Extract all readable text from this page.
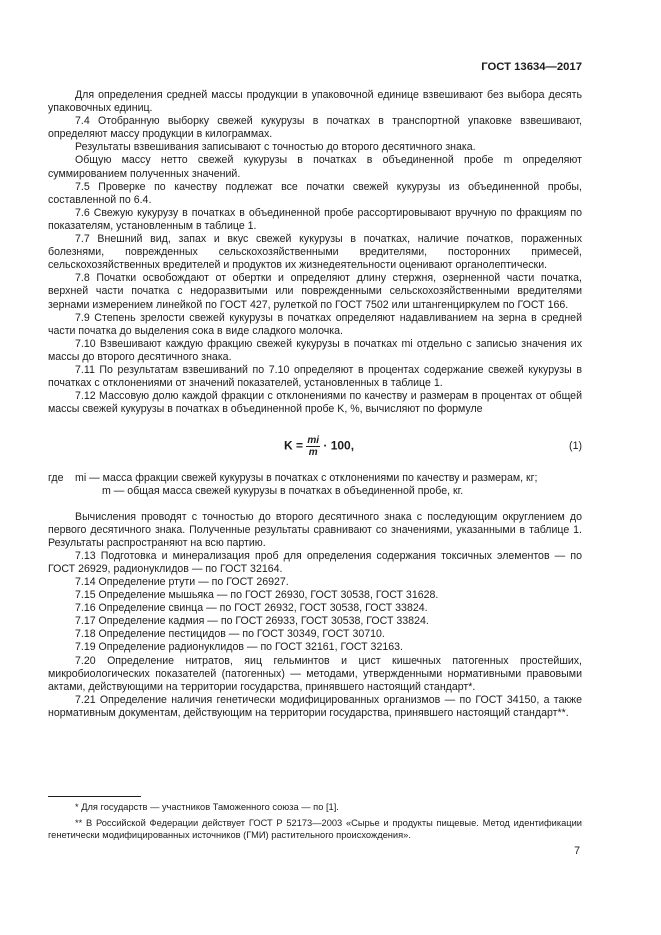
ГОСТ 13634—2017

Для определения средней массы продукции в упаковочной единице взвешивают без выбора десять упаковочных единиц.

7.4 Отобранную выборку свежей кукурузы в початках в транспортной упаковке взвешивают, определяют массу продукции в килограммах.

Результаты взвешивания записывают с точностью до второго десятичного знака.

Общую массу нетто свежей кукурузы в початках в объединенной пробе m определяют суммированием полученных значений.

7.5 Проверке по качеству подлежат все початки свежей кукурузы из объединенной пробы, составленной по 6.4.

7.6 Свежую кукурузу в початках в объединенной пробе рассортировывают вручную по фракциям по показателям, установленным в таблице 1.

7.7 Внешний вид, запах и вкус свежей кукурузы в початках, наличие початков, пораженных болезнями, поврежденных сельскохозяйственными вредителями, посторонних примесей, сельскохозяйственных вредителей и продуктов их жизнедеятельности оценивают органолептически.

7.8 Початки освобождают от обертки и определяют длину стержня, озерненной части початка, верхней части початка с недоразвитыми или поврежденными сельскохозяйственными вредителями зернами измерением линейкой по ГОСТ 427, рулеткой по ГОСТ 7502 или штангенциркулем по ГОСТ 166.

7.9 Степень зрелости свежей кукурузы в початках определяют надавливанием на зерна в средней части початка до выделения сока в виде сладкого молочка.

7.10 Взвешивают каждую фракцию свежей кукурузы в початках mi отдельно с записью значения их массы до второго десятичного знака.

7.11 По результатам взвешиваний по 7.10 определяют в процентах содержание свежей кукурузы в початках с отклонениями от значений показателей, установленных в таблице 1.

7.12 Массовую долю каждой фракции с отклонениями по качеству и размерам в процентах от общей массы свежей кукурузы в початках в объединенной пробе K, %, вычисляют по формуле

$K = \frac{mi}{m} \cdot 100$,	(1)
где	mi — масса фракции свежей кукурузы в початках с отклонениями по качеству и размерам, кг;
m — общая масса свежей кукурузы в початках в объединенной пробе, кг.

Вычисления проводят с точностью до второго десятичного знака с последующим округлением до первого десятичного знака. Полученные результаты сравнивают со значениями, указанными в таблице 1. Результаты распространяют на всю партию.

7.13 Подготовка и минерализация проб для определения содержания токсичных элементов — по ГОСТ 26929, радионуклидов — по ГОСТ 32164.

7.14 Определение ртути — по ГОСТ 26927.

7.15 Определение мышьяка — по ГОСТ 26930, ГОСТ 30538, ГОСТ 31628.

7.16 Определение свинца — по ГОСТ 26932, ГОСТ 30538, ГОСТ 33824.

7.17 Определение кадмия — по ГОСТ 26933, ГОСТ 30538, ГОСТ 33824.

7.18 Определение пестицидов — по ГОСТ 30349, ГОСТ 30710.

7.19 Определение радионуклидов — по ГОСТ 32161, ГОСТ 32163.

7.20 Определение нитратов, яиц гельминтов и цист кишечных патогенных простейших, микробиологических показателей (патогенных) — методами, утвержденными нормативными правовыми актами, действующими на территории государства, принявшего настоящий стандарт*.

7.21 Определение наличия генетически модифицированных организмов — по ГОСТ 34150, а также нормативным документам, действующим на территории государства, принявшего настоящий стандарт**.

* Для государств — участников Таможенного союза — по [1].

** В Российской Федерации действует ГОСТ Р 52173—2003 «Сырье и продукты пищевые. Метод идентификации генетически модифицированных источников (ГМИ) растительного происхождения».

7
